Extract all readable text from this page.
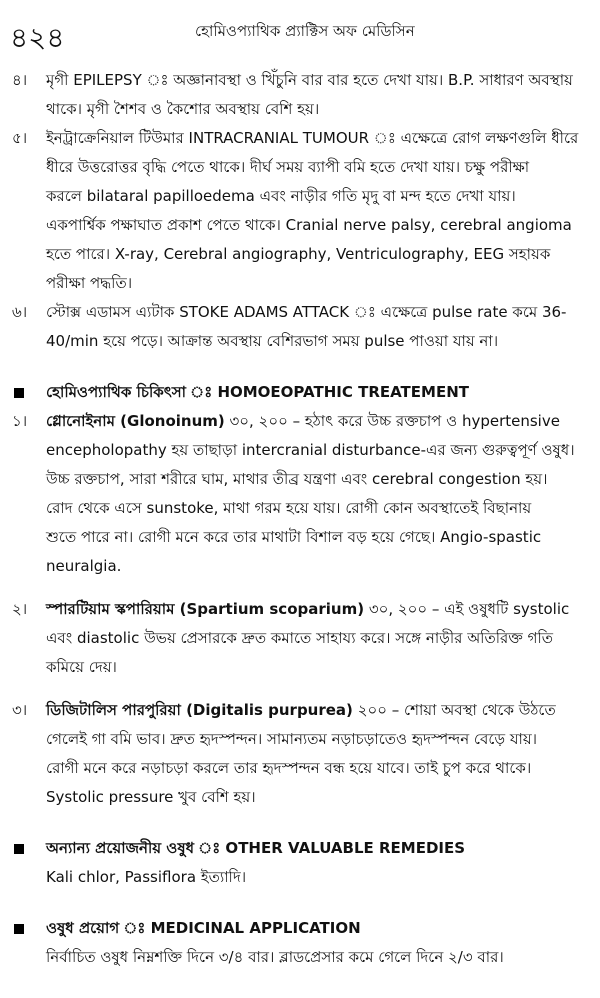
৪২৪	হোমিওপ্যাথিক প্র্যাক্টিস অফ মেডিসিন
৪। মৃগী EPILEPSY ঃ অজ্ঞানাবস্থা ও খিঁচুনি বার বার হতে দেখা যায়। B.P. সাধারণ অবস্থায়
থাকে। মৃগী শৈশব ও কৈশোর অবস্থায় বেশি হয়।
৫। ইনট্রাক্রেনিয়াল টিউমার INTRACRANIAL TUMOUR ঃ এক্ষেত্রে রোগ লক্ষণগুলি ধীরে
ধীরে উত্তরোত্তর বৃদ্ধি পেতে থাকে। দীর্ঘ সময় ব্যাপী বমি হতে দেখা যায়। চক্ষু পরীক্ষা
করলে bilataral papilloedema এবং নাড়ীর গতি মৃদু বা মন্দ হতে দেখা যায়।
একপার্শ্বিক পক্ষাঘাত প্রকাশ পেতে থাকে। Cranial nerve palsy, cerebral angioma
হতে পারে। X-ray, Cerebral angiography, Ventriculography, EEG সহায়ক
পরীক্ষা পদ্ধতি।
৬। স্টোক্স এডামস এ্যটাক STOKE ADAMS ATTACK ঃ এক্ষেত্রে pulse rate কমে 36-
40/min হয়ে পড়ে। আক্রান্ত অবস্থায় বেশিরভাগ সময় pulse পাওয়া যায় না।
হোমিওপ্যাথিক চিকিৎসা ঃ HOMOEOPATHIC TREATEMENT
১। গ্লোনোইনাম (Glonoinum) ৩০, ২০০ – হঠাৎ করে উচ্চ রক্তচাপ ও hypertensive
encepholopathy হয় তাছাড়া intercranial disturbance-এর জন্য গুরুত্বপূর্ণ ওষুধ।
উচ্চ রক্তচাপ, সারা শরীরে ঘাম, মাথার তীব্র যন্ত্রণা এবং cerebral congestion হয়।
রোদ থেকে এসে sunstoke, মাথা গরম হয়ে যায়। রোগী কোন অবস্থাতেই বিছানায়
শুতে পারে না। রোগী মনে করে তার মাথাটা বিশাল বড় হয়ে গেছে। Angio-spastic
neuralgia.
২। স্পারটিয়াম স্কপারিয়াম (Spartium scoparium) ৩০, ২০০ – এই ওষুধটি systolic
এবং diastolic উভয় প্রেসারকে দ্রুত কমাতে সাহায্য করে। সঙ্গে নাড়ীর অতিরিক্ত গতি
কমিয়ে দেয়।
৩। ডিজিটালিস পারপুরিয়া (Digitalis purpurea) ২০০ – শোয়া অবস্থা থেকে উঠতে
গেলেই গা বমি ভাব। দ্রুত হৃদস্পন্দন। সামান্যতম নড়াচড়াতেও হৃদস্পন্দন বেড়ে যায়।
রোগী মনে করে নড়াচড়া করলে তার হৃদস্পন্দন বন্ধ হয়ে যাবে। তাই চুপ করে থাকে।
Systolic pressure খুব বেশি হয়।
অন্যান্য প্রয়োজনীয় ওষুধ ঃ OTHER VALUABLE REMEDIES
Kali chlor, Passiflora ইত্যাদি।
ওষুধ প্রয়োগ ঃ MEDICINAL APPLICATION
নির্বাচিত ওষুধ নিম্নশক্তি দিনে ৩/৪ বার। ব্লাডপ্রেসার কমে গেলে দিনে ২/৩ বার।
